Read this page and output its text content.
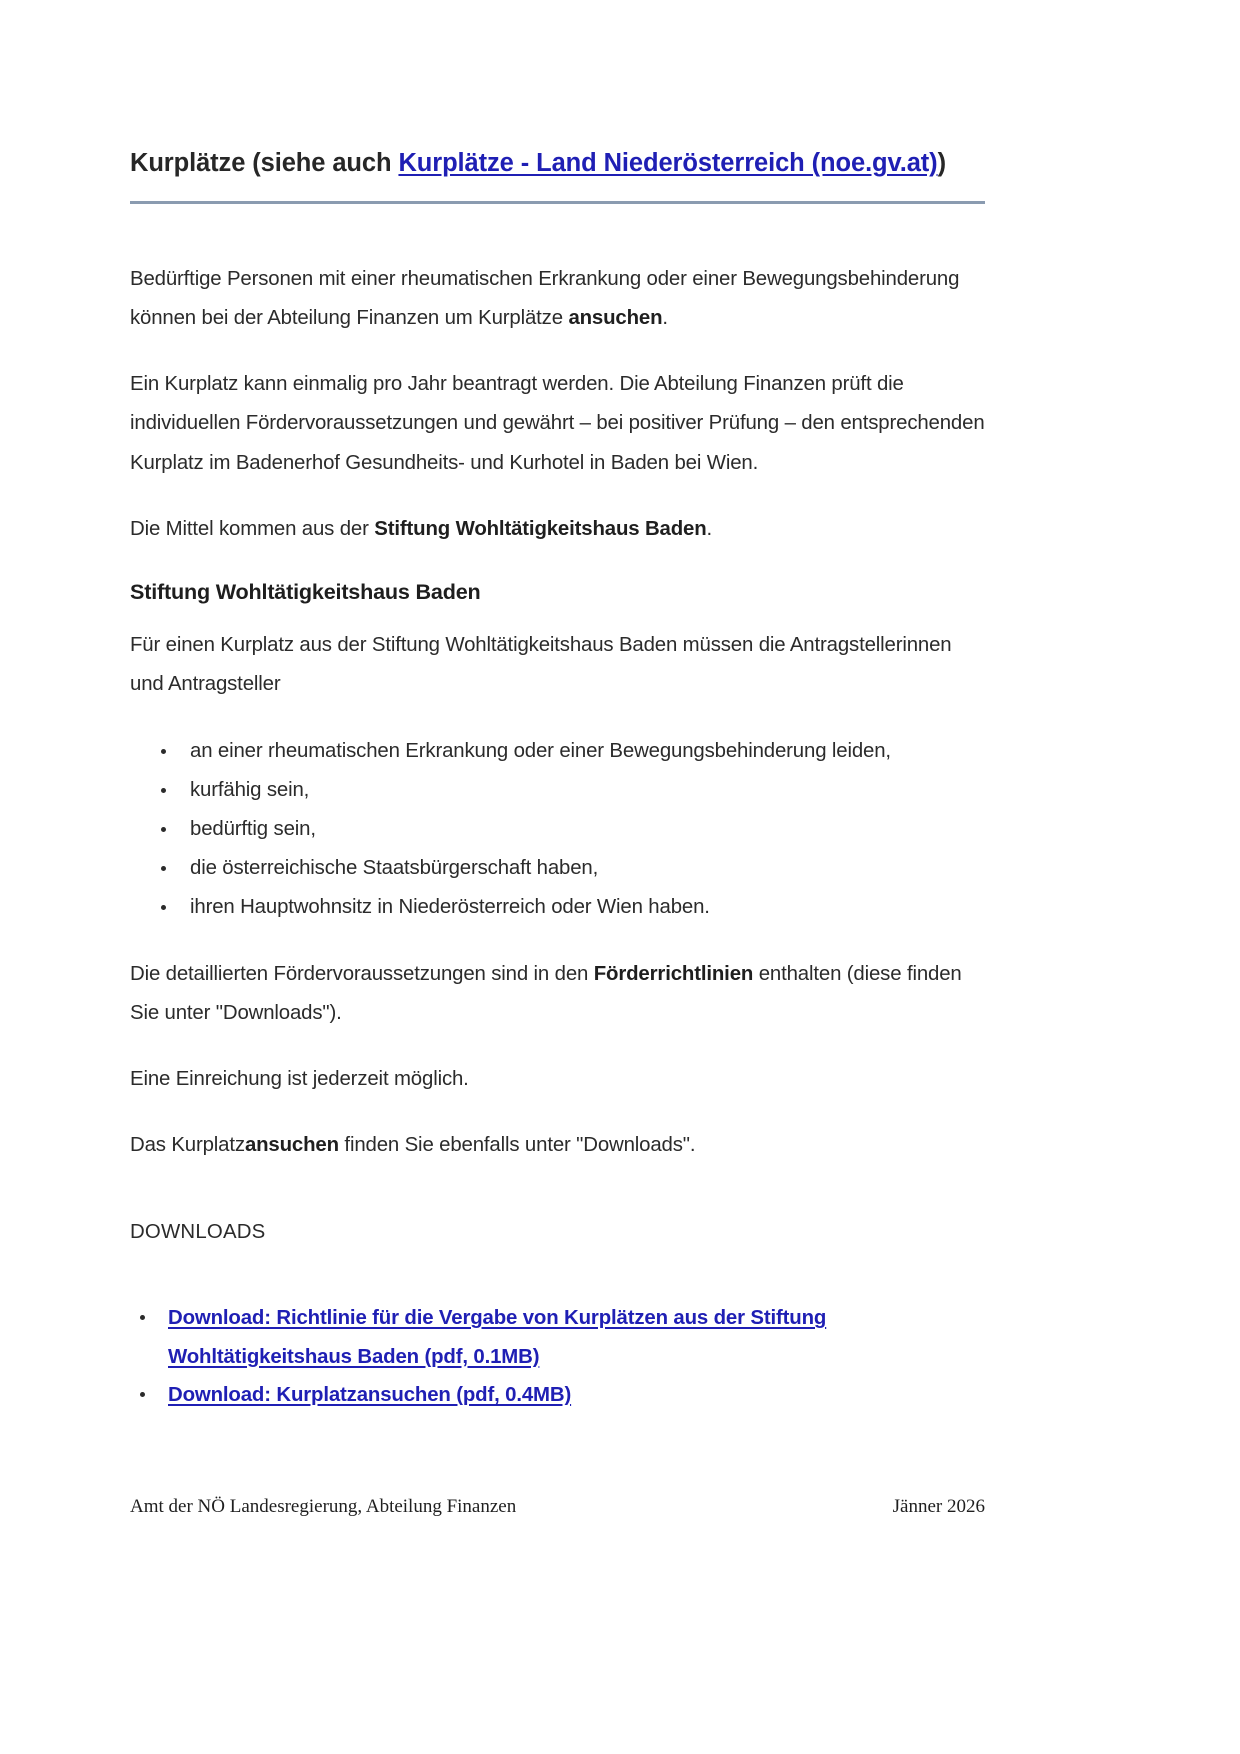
Kurplätze (siehe auch Kurplätze - Land Niederösterreich (noe.gv.at))

Bedürftige Personen mit einer rheumatischen Erkrankung oder einer Bewegungsbehinderung können bei der Abteilung Finanzen um Kurplätze ansuchen.

Ein Kurplatz kann einmalig pro Jahr beantragt werden. Die Abteilung Finanzen prüft die individuellen Fördervoraussetzungen und gewährt – bei positiver Prüfung – den entsprechenden Kurplatz im Badenerhof Gesundheits- und Kurhotel in Baden bei Wien.

Die Mittel kommen aus der Stiftung Wohltätigkeitshaus Baden.

Stiftung Wohltätigkeitshaus Baden

Für einen Kurplatz aus der Stiftung Wohltätigkeitshaus Baden müssen die Antragstellerinnen und Antragsteller

an einer rheumatischen Erkrankung oder einer Bewegungsbehinderung leiden,
kurfähig sein,
bedürftig sein,
die österreichische Staatsbürgerschaft haben,
ihren Hauptwohnsitz in Niederösterreich oder Wien haben.

Die detaillierten Fördervoraussetzungen sind in den Förderrichtlinien enthalten (diese finden Sie unter "Downloads").

Eine Einreichung ist jederzeit möglich.

Das Kurplatzansuchen finden Sie ebenfalls unter "Downloads".

DOWNLOADS

Download: Richtlinie für die Vergabe von Kurplätzen aus der Stiftung Wohltätigkeitshaus Baden (pdf, 0.1MB)
Download: Kurplatzansuchen (pdf, 0.4MB)
Amt der NÖ Landesregierung, Abteilung Finanzen	Jänner 2026
